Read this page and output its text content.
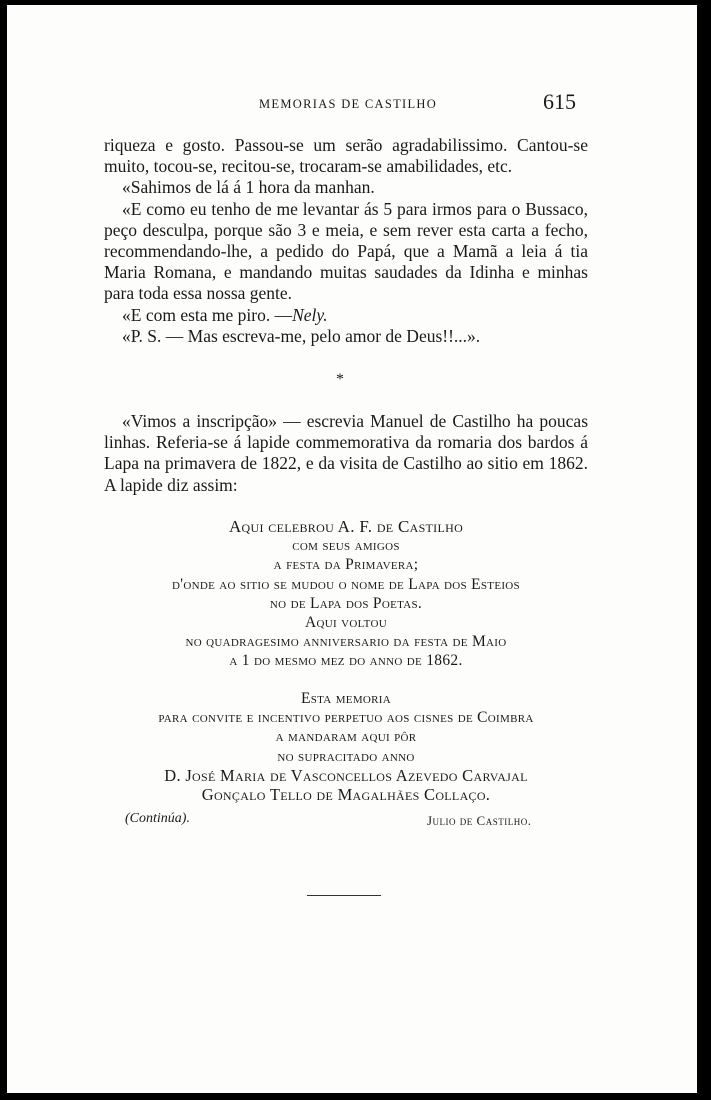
MEMORIAS DE CASTILHO	615

riqueza e gosto. Passou-se um serão agradabilissimo. Cantou-se muito, tocou-se, recitou-se, trocaram-se amabilidades, etc.

«Sahimos de lá á 1 hora da manhan.

«E como eu tenho de me levantar ás 5 para irmos para o Bussaco, peço desculpa, porque são 3 e meia, e sem rever esta carta a fecho, recommendando-lhe, a pedido do Papá, que a Mamã a leia á tia Maria Romana, e mandando muitas saudades da Idinha e minhas para toda essa nossa gente.

«E com esta me piro. —Nely.

«P. S. — Mas escreva-me, pelo amor de Deus!!...».

*

«Vimos a inscripção» — escrevia Manuel de Castilho ha poucas linhas. Referia-se á lapide commemorativa da romaria dos bardos á Lapa na primavera de 1822, e da visita de Castilho ao sitio em 1862. A lapide diz assim:

Aqui celebrou A. F. de Castilho
com seus amigos
a festa da Primavera;
d'onde ao sitio se mudou o nome de Lapa dos Esteios
no de Lapa dos Poetas.
Aqui voltou
no quadragesimo anniversario da festa de Maio
a 1 do mesmo mez do anno de 1862.
Esta memoria
para convite e incentivo perpetuo aos cisnes de Coimbra
a mandaram aqui pôr
no supracitado anno
D. José Maria de Vasconcellos Azevedo Carvajal
Gonçalo Tello de Magalhães Collaço.
(Continúa).	Julio de Castilho.
